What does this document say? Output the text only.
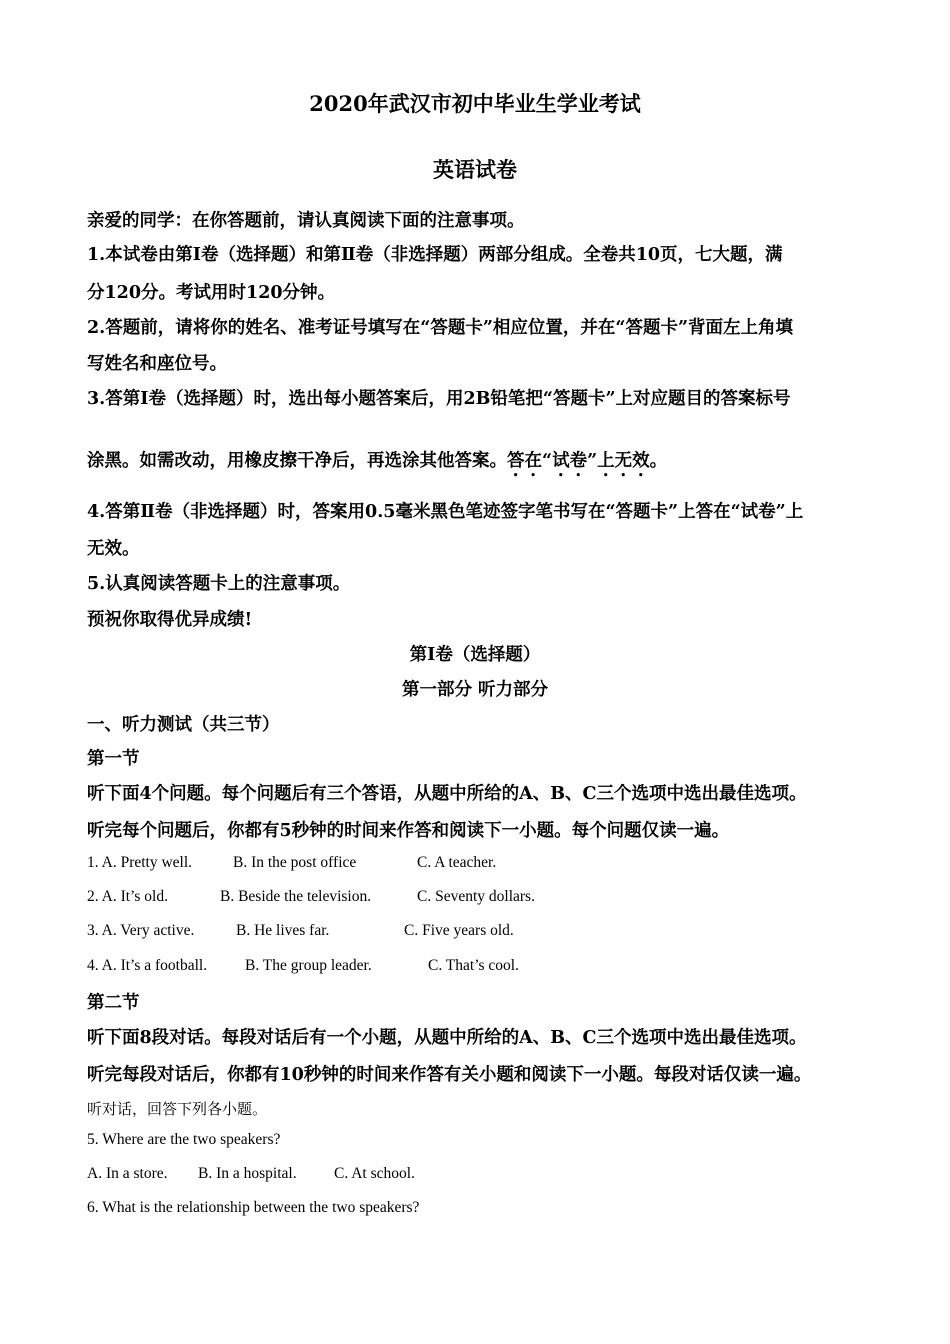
2020年武汉市初中毕业生学业考试
英语试卷
亲爱的同学：在你答题前，请认真阅读下面的注意事项。
1.本试卷由第Ⅰ卷（选择题）和第Ⅱ卷（非选择题）两部分组成。全卷共10页，七大题，满
分120分。考试用时120分钟。
2.答题前，请将你的姓名、准考证号填写在“答题卡”相应位置，并在“答题卡”背面左上角填
写姓名和座位号。
3.答第Ⅰ卷（选择题）时，选出每小题答案后，用2B铅笔把“答题卡”上对应题目的答案标号
涂黑。如需改动，用橡皮擦干净后，再选涂其他答案。答在“试卷”上无效。
4.答第Ⅱ卷（非选择题）时，答案用0.5毫米黑色笔迹签字笔书写在“答题卡”上答在“试卷”上
无效。
5.认真阅读答题卡上的注意事项。
预祝你取得优异成绩!
第Ⅰ卷（选择题）
第一部分 听力部分
一、听力测试（共三节）
第一节
听下面4个问题。每个问题后有三个答语，从题中所给的A、B、C三个选项中选出最佳选项。
听完每个问题后，你都有5秒钟的时间来作答和阅读下一小题。每个问题仅读一遍。
1. A. Pretty well.	B. In the post office	C. A teacher.
2. A. It’s old.	B. Beside the television.	C. Seventy dollars.
3. A. Very active.	B. He lives far.	C. Five years old.
4. A. It’s a football. B. The group leader.	C. That’s cool.
第二节
听下面8段对话。每段对话后有一个小题，从题中所给的A、B、C三个选项中选出最佳选项。
听完每段对话后，你都有10秒钟的时间来作答有关小题和阅读下一小题。每段对话仅读一遍。
听对话，回答下列各小题。
5. Where are the two speakers?
A. In a store. B. In a hospital. C. At school.
6. What is the relationship between the two speakers?
